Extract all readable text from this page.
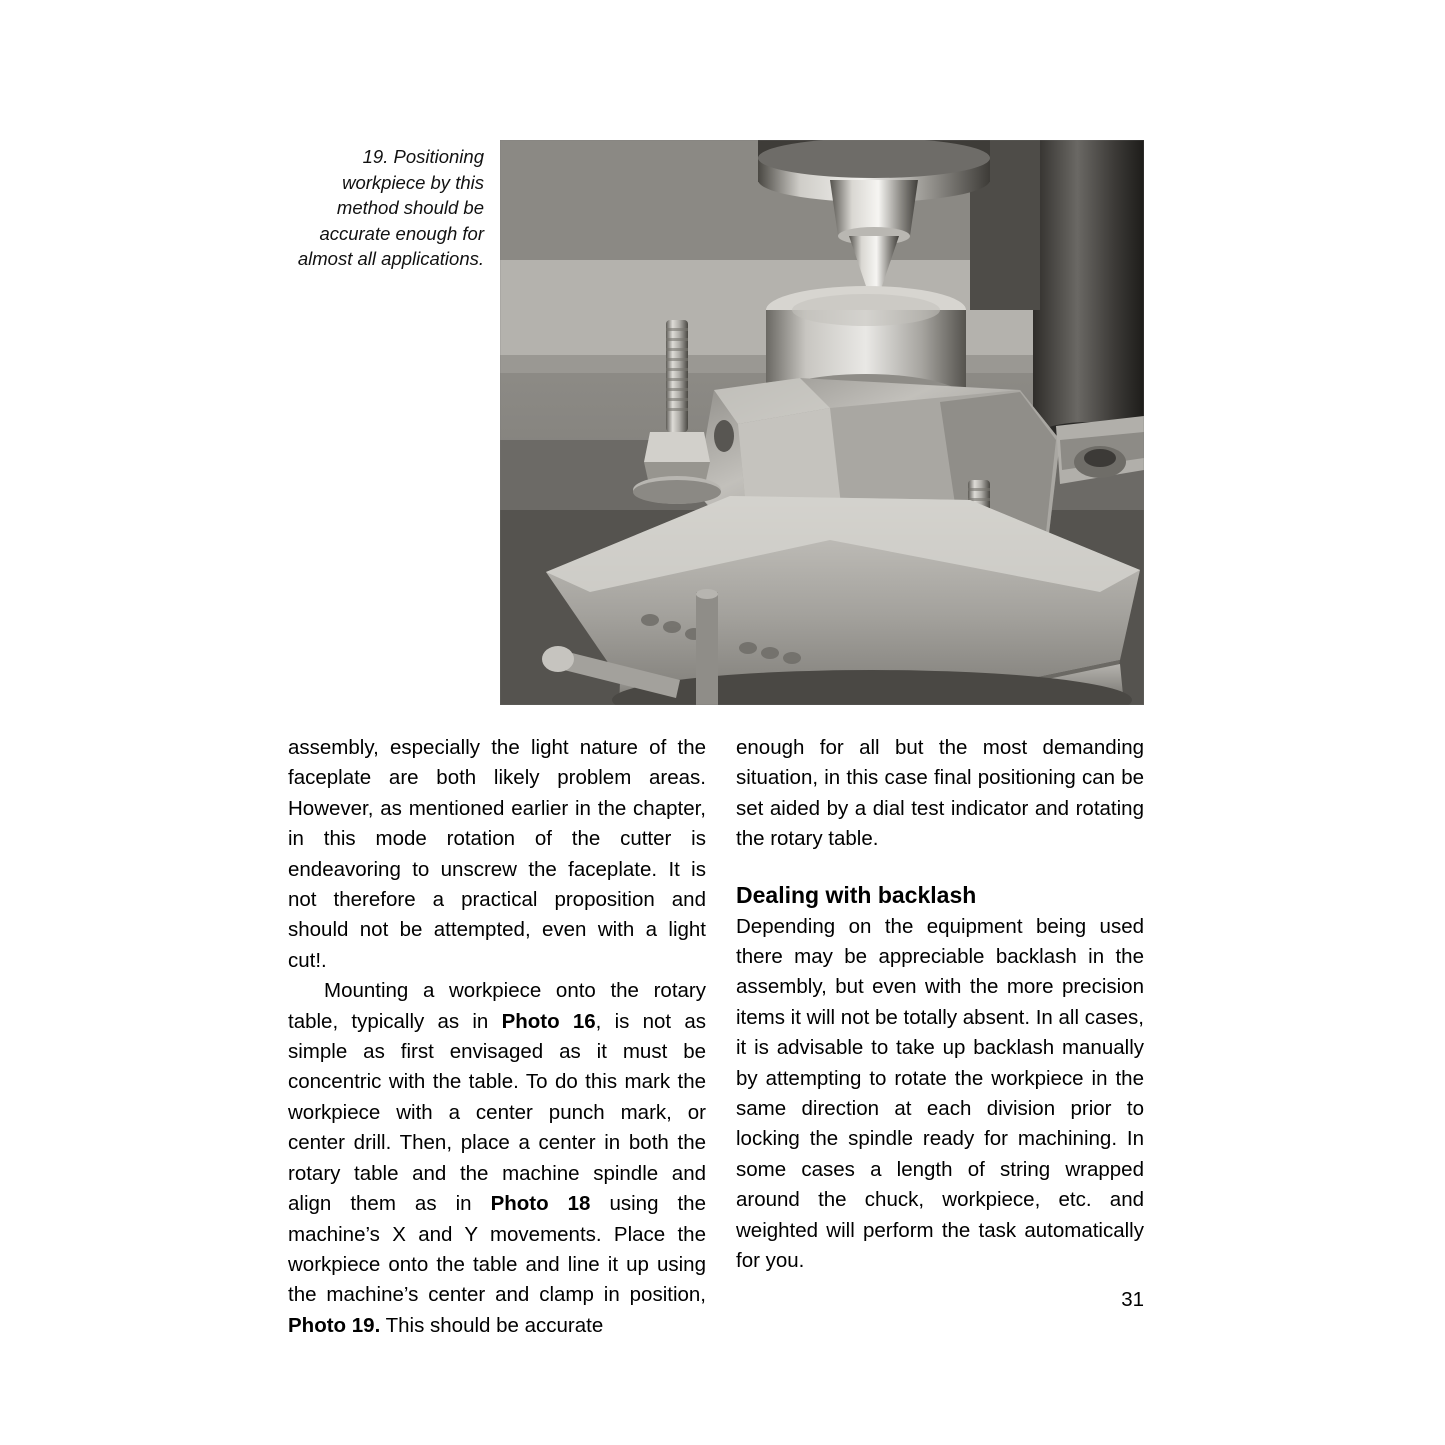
19. Positioning workpiece by this method should be accurate enough for almost all applications.

assembly, especially the light nature of the faceplate are both likely problem areas. However, as mentioned earlier in the chapter, in this mode rotation of the cutter is endeavoring to unscrew the faceplate. It is not therefore a practical proposition and should not be attempted, even with a light cut!.

Mounting a workpiece onto the rotary table, typically as in Photo 16, is not as simple as first envisaged as it must be concentric with the table. To do this mark the workpiece with a center punch mark, or center drill. Then, place a center in both the rotary table and the machine spindle and align them as in Photo 18 using the machine’s X and Y movements. Place the workpiece onto the table and line it up using the machine’s center and clamp in position, Photo 19. This should be accurate

enough for all but the most demanding situation, in this case final positioning can be set aided by a dial test indicator and rotating the rotary table.

Dealing with backlash

Depending on the equipment being used there may be appreciable backlash in the assembly, but even with the more precision items it will not be totally absent. In all cases, it is advisable to take up backlash manually by attempting to rotate the workpiece in the same direction at each division prior to locking the spindle ready for machining. In some cases a length of string wrapped around the chuck, workpiece, etc. and weighted will perform the task automatically for you.

31
